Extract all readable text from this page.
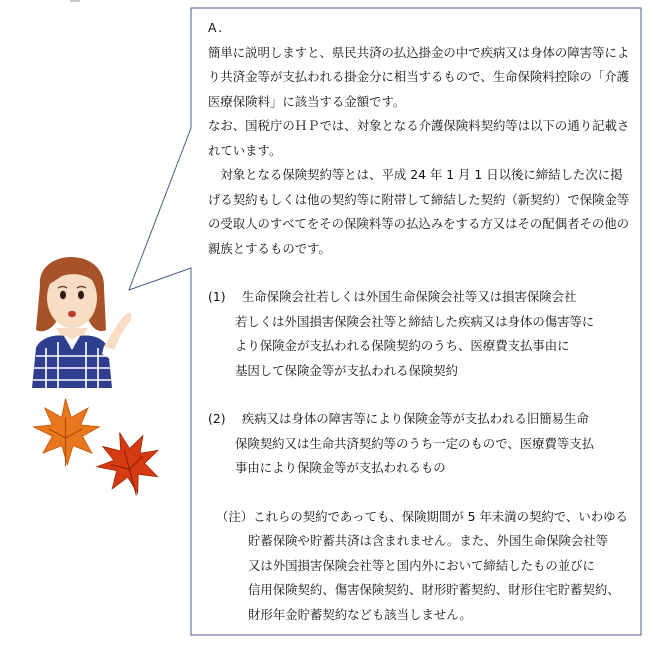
A.

簡単に説明しますと、県民共済の払込掛金の中で疾病又は身体の障害等により共済金等が支払われる掛金分に相当するもので、生命保険料控除の「介護医療保険料」に該当する金額です。

なお、国税庁のＨＰでは、対象となる介護保険料契約等は以下の通り記載されています。

対象となる保険契約等とは、平成 24 年 1 月 1 日以後に締結した次に掲げる契約もしくは他の契約等に附帯して締結した契約（新契約）で保険金等の受取人のすべてをその保険料等の払込みをする方又はその配偶者その他の親族とするものです。

(1)　 生命保険会社若しくは外国生命保険会社等又は損害保険会社
若しくは外国損害保険会社等と締結した疾病又は身体の傷害等に
より保険金が支払われる保険契約のうち、医療費支払事由に
基因して保険金等が支払われる保険契約
(2)　 疾病又は身体の障害等により保険金等が支払われる旧簡易生命
保険契約又は生命共済契約等のうち一定のもので、医療費等支払
事由により保険金等が支払われるもの
（注）これらの契約であっても、保険期間が 5 年未満の契約で、いわゆる
貯蓄保険や貯蓄共済は含まれません。また、外国生命保険会社等
又は外国損害保険会社等と国内外において締結したもの並びに
信用保険契約、傷害保険契約、財形貯蓄契約、財形住宅貯蓄契約、
財形年金貯蓄契約なども該当しません。
